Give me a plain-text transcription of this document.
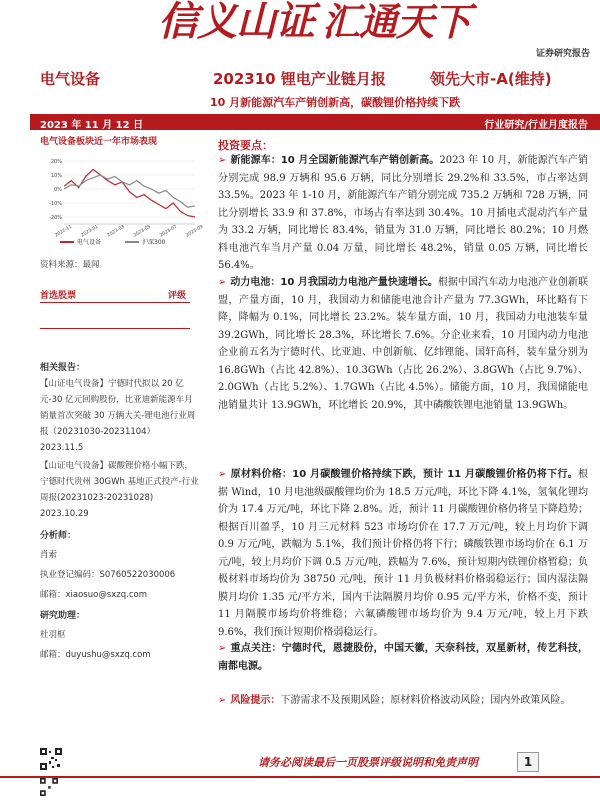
信义山证 汇通天下
证券研究报告
电气设备	202310 锂电产业链月报	领先大市-A(维持)
10 月新能源汽车产销创新高，碳酸锂价格持续下跌
2023 年 11 月 12 日	行业研究/行业月度报告
电气设备板块近一年市场表现
20%
10%
0%
-10%
-20%
2022-11 2023-01 2023-03 2023-05 2023-07 2023-09
电气设备	沪深300
资料来源：最闻
首选股票	评级
相关报告：
【山证电气设备】宁德时代拟以 20 亿元-30 亿元回购股份，比亚迪新能源车月销量首次突破 30 万辆大关-锂电池行业周报（20231030-20231104） 2023.11.5
【山证电气设备】碳酸锂价格小幅下跌，宁德时代贵州 30GWh 基地正式投产-行业周报(20231023-20231028) 2023.10.29
分析师：
肖索
执业登记编码：S0760522030006
邮箱：xiaosuo@sxzq.com
研究助理：
杜羽枢
邮箱：duyushu@sxzq.com
投资要点：
➢ 新能源车：10 月全国新能源汽车产销创新高。2023 年 10 月，新能源汽车产销分别完成 98.9 万辆和 95.6 万辆，同比分别增长 29.2%和 33.5%，市占率达到 33.5%。2023 年 1-10 月，新能源汽车产销分别完成 735.2 万辆和 728 万辆，同比分别增长 33.9 和 37.8%，市场占有率达到 30.4%。10 月插电式混动汽车产量为 33.2 万辆，同比增长 83.4%，销量为 31.0 万辆，同比增长 80.2%；10 月燃料电池汽车当月产量 0.04 万量，同比增长 48.2%，销量 0.05 万辆，同比增长 56.4%。
➢ 动力电池：10 月我国动力电池产量快速增长。根据中国汽车动力电池产业创新联盟，产量方面，10 月，我国动力和储能电池合计产量为 77.3GWh，环比略有下降，降幅为 0.1%，同比增长 23.2%。装车量方面，10 月，我国动力电池装车量 39.2GWh，同比增长 28.3%，环比增长 7.6%。分企业来看，10 月国内动力电池企业前五名为宁德时代、比亚迪、中创新航、亿纬锂能、国轩高科，装车量分别为 16.8GWh（占比 42.8%）、10.3GWh（占比 26.2%）、3.8GWh（占比 9.7%）、2.0GWh（占比 5.2%）、1.7GWh（占比 4.5%）。储能方面，10 月，我国储能电池销量共计 13.9GWh，环比增长 20.9%，其中磷酸铁锂电池销量 13.9GWh。
➢ 原材料价格：10 月碳酸锂价格持续下跌，预计 11 月碳酸锂价格仍将下行。根据 Wind，10 月电池级碳酸锂均价为 18.5 万元/吨，环比下降 4.1%，氢氧化锂均价为 17.4 万元/吨，环比下降 2.8%。近，预计 11 月碳酸锂价格仍将呈下降趋势；根据百川盈孚，10 月三元材料 523 市场均价在 17.7 万元/吨，较上月均价下调 0.9 万元/吨，跌幅为 5.1%，我们预计价格仍将下行；磷酸铁锂市场均价在 6.1 万元/吨，较上月均价下调 0.5 万元/吨，跌幅为 7.6%，预计短期内铁锂价格暂稳；负极材料市场均价为 38750 元/吨，预计 11 月负极材料价格弱稳运行；国内湿法隔膜月均价 1.35 元/平方米，国内干法隔膜月均价 0.95 元/平方米，价格不变，预计 11 月隔膜市场均价将维稳；六氟磷酸锂市场均价为 9.4 万元/吨，较上月下跌 9.6%，我们预计短期价格弱稳运行。
➢ 重点关注：宁德时代，恩捷股份，中国天徽，天奈科技，双星新材，传艺科技，南都电源。
➢ 风险提示：下游需求不及预期风险；原材料价格波动风险；国内外政策风险。
请务必阅读最后一页股票评级说明和免责声明	1
